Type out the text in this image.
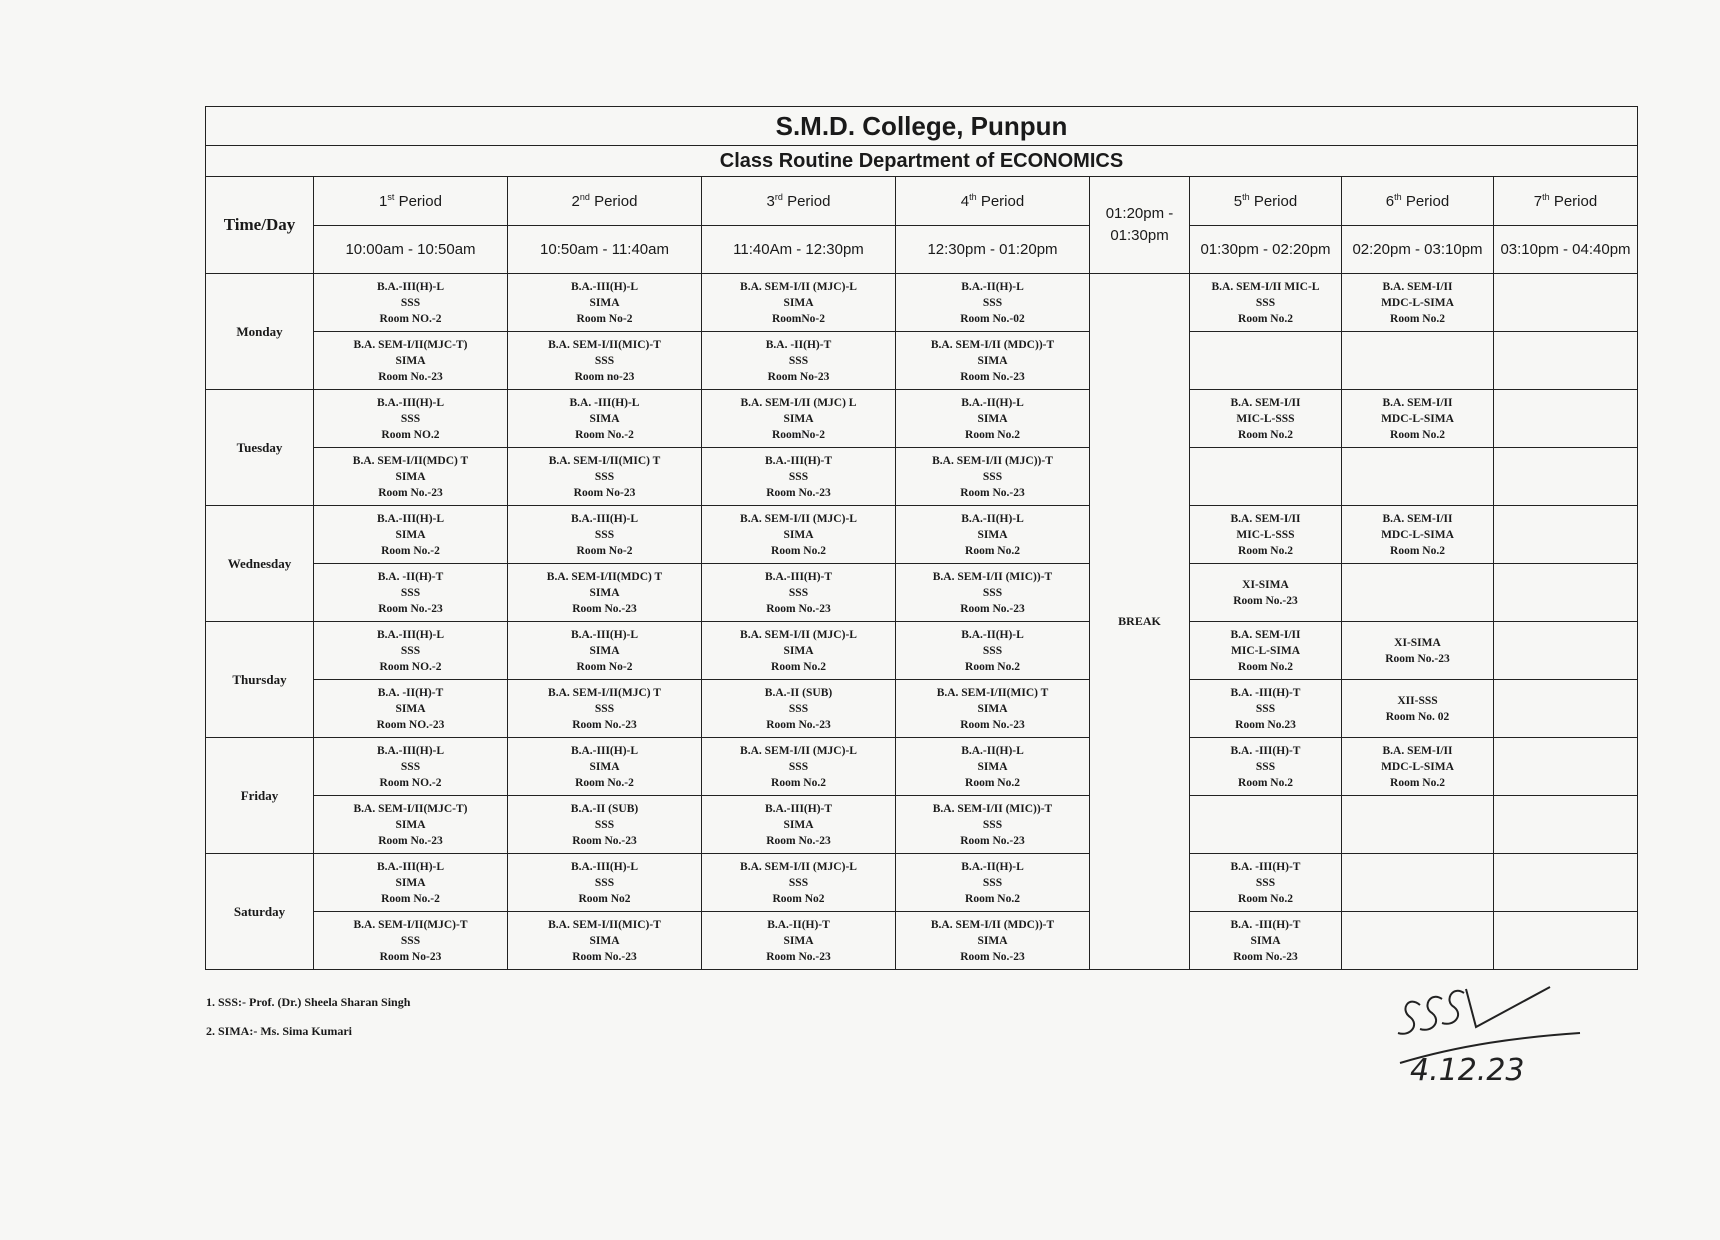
S.M.D. College, Punpun								
Class Routine Department of ECONOMICS								
Time/Day	1st Period	2nd Period	3rd Period	4th Period	01:20pm -
01:30pm	5th Period	6th Period	7th Period
	10:00am - 10:50am	10:50am - 11:40am	11:40Am - 12:30pm	12:30pm - 01:20pm		01:30pm - 02:20pm	02:20pm - 03:10pm	03:10pm - 04:40pm
Monday	B.A.-III(H)-L
SSS
Room NO.-2	B.A.-III(H)-L
SIMA
Room No-2	B.A. SEM-I/II (MJC)-L
SIMA
RoomNo-2	B.A.-II(H)-L
SSS
Room No.-02	BREAK	B.A. SEM-I/II MIC-L
SSS
Room No.2	B.A. SEM-I/II
MDC-L-SIMA
Room No.2	

	B.A. SEM-I/II(MJC-T)
SIMA
Room No.-23	B.A. SEM-I/II(MIC)-T
SSS
Room no-23	B.A. -II(H)-T
SSS
Room No-23	B.A. SEM-I/II (MDC))-T
SIMA
Room No.-23				

Tuesday	B.A.-III(H)-L
SSS
Room NO.2	B.A. -III(H)-L
SIMA
Room No.-2	B.A. SEM-I/II (MJC) L
SIMA
RoomNo-2	B.A.-II(H)-L
SIMA
Room No.2		B.A. SEM-I/II
MIC-L-SSS
Room No.2	B.A. SEM-I/II
MDC-L-SIMA
Room No.2	

	B.A. SEM-I/II(MDC) T
SIMA
Room No.-23	B.A. SEM-I/II(MIC) T
SSS
Room No-23	B.A.-III(H)-T
SSS
Room No.-23	B.A. SEM-I/II (MJC))-T
SSS
Room No.-23				

Wednesday	B.A.-III(H)-L
SIMA
Room No.-2	B.A.-III(H)-L
SSS
Room No-2	B.A. SEM-I/II (MJC)-L
SIMA
Room No.2	B.A.-II(H)-L
SIMA
Room No.2		B.A. SEM-I/II
MIC-L-SSS
Room No.2	B.A. SEM-I/II
MDC-L-SIMA
Room No.2	

	B.A. -II(H)-T
SSS
Room No.-23	B.A. SEM-I/II(MDC) T
SIMA
Room No.-23	B.A.-III(H)-T
SSS
Room No.-23	B.A. SEM-I/II (MIC))-T
SSS
Room No.-23		XI-SIMA
Room No.-23		

Thursday	B.A.-III(H)-L
SSS
Room NO.-2	B.A.-III(H)-L
SIMA
Room No-2	B.A. SEM-I/II (MJC)-L
SIMA
Room No.2	B.A.-II(H)-L
SSS
Room No.2		B.A. SEM-I/II
MIC-L-SIMA
Room No.2	XI-SIMA
Room No.-23	

	B.A. -II(H)-T
SIMA
Room NO.-23	B.A. SEM-I/II(MJC) T
SSS
Room No.-23	B.A.-II (SUB)
SSS
Room No.-23	B.A. SEM-I/II(MIC) T
SIMA
Room No.-23		B.A. -III(H)-T
SSS
Room No.23	XII-SSS
Room No. 02	

Friday	B.A.-III(H)-L
SSS
Room NO.-2	B.A.-III(H)-L
SIMA
Room No.-2	B.A. SEM-I/II (MJC)-L
SSS
Room No.2	B.A.-II(H)-L
SIMA
Room No.2		B.A. -III(H)-T
SSS
Room No.2	B.A. SEM-I/II
MDC-L-SIMA
Room No.2	

	B.A. SEM-I/II(MJC-T)
SIMA
Room No.-23	B.A.-II (SUB)
SSS
Room No.-23	B.A.-III(H)-T
SIMA
Room No.-23	B.A. SEM-I/II (MIC))-T
SSS
Room No.-23				

Saturday	B.A.-III(H)-L
SIMA
Room No.-2	B.A.-III(H)-L
SSS
Room No2	B.A. SEM-I/II (MJC)-L
SSS
Room No2	B.A.-II(H)-L
SSS
Room No.2		B.A. -III(H)-T
SSS
Room No.2		

	B.A. SEM-I/II(MJC)-T
SSS
Room No-23	B.A. SEM-I/II(MIC)-T
SIMA
Room No.-23	B.A.-II(H)-T
SIMA
Room No.-23	B.A. SEM-I/II (MDC))-T
SIMA
Room No.-23		B.A. -III(H)-T
SIMA
Room No.-23		

1. SSS:- Prof. (Dr.) Sheela Sharan Singh
2. SIMA:- Ms. Sima Kumari
4.12.23
